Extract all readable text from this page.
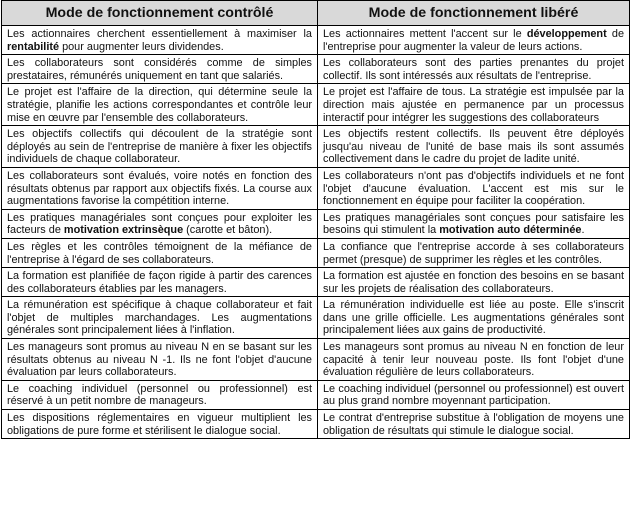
Mode de fonctionnement contrôlé	Mode de fonctionnement libéré
Les actionnaires cherchent essentiellement à maximiser la rentabilité pour augmenter leurs dividendes.	Les actionnaires mettent l'accent sur le développement de l'entreprise pour augmenter la valeur de leurs actions.
Les collaborateurs sont considérés comme de simples prestataires, rémunérés uniquement en tant que salariés.	Les collaborateurs sont des parties prenantes du projet collectif. Ils sont intéressés aux résultats de l'entreprise.
Le projet est l'affaire de la direction, qui détermine seule la stratégie, planifie les actions correspondantes et contrôle leur mise en œuvre par l'ensemble des collaborateurs.	Le projet est l'affaire de tous. La stratégie est impulsée par la direction mais ajustée en permanence par un processus interactif pour intégrer les suggestions des collaborateurs
Les objectifs collectifs qui découlent de la stratégie sont déployés au sein de l'entreprise de manière à fixer les objectifs individuels de chaque collaborateur.	Les objectifs restent collectifs. Ils peuvent être déployés jusqu'au niveau de l'unité de base mais ils sont assumés collectivement dans le cadre du projet de ladite unité.
Les collaborateurs sont évalués, voire notés en fonction des résultats obtenus par rapport aux objectifs fixés. La course aux augmentations favorise la compétition interne.	Les collaborateurs n'ont pas d'objectifs individuels et ne font l'objet d'aucune évaluation. L'accent est mis sur le fonctionnement en équipe pour faciliter la coopération.
Les pratiques managériales sont conçues pour exploiter les facteurs de motivation extrinsèque (carotte et bâton).	Les pratiques managériales sont conçues pour satisfaire les besoins qui stimulent la motivation auto déterminée.
Les règles et les contrôles témoignent de la méfiance de l'entreprise à l'égard de ses collaborateurs.	La confiance que l'entreprise accorde à ses collaborateurs permet (presque) de supprimer les règles et les contrôles.
La formation est planifiée de façon rigide à partir des carences des collaborateurs établies par les managers.	La formation est ajustée en fonction des besoins en se basant sur les projets de réalisation des collaborateurs.
La rémunération est spécifique à chaque collaborateur et fait l'objet de multiples marchandages. Les augmentations générales sont principalement liées à l'inflation.	La rémunération individuelle est liée au poste. Elle s'inscrit dans une grille officielle. Les augmentations générales sont principalement liées aux gains de productivité.
Les manageurs sont promus au niveau N en se basant sur les résultats obtenus au niveau N -1. Ils ne font l'objet d'aucune évaluation par leurs collaborateurs.	Les manageurs sont promus au niveau N en fonction de leur capacité à tenir leur nouveau poste. Ils font l'objet d'une évaluation régulière de leurs collaborateurs.
Le coaching individuel (personnel ou professionnel) est réservé à un petit nombre de manageurs.	Le coaching individuel (personnel ou professionnel) est ouvert au plus grand nombre moyennant participation.
Les dispositions réglementaires en vigueur multiplient les obligations de pure forme et stérilisent le dialogue social.	Le contrat d'entreprise substitue à l'obligation de moyens une obligation de résultats qui stimule le dialogue social.
